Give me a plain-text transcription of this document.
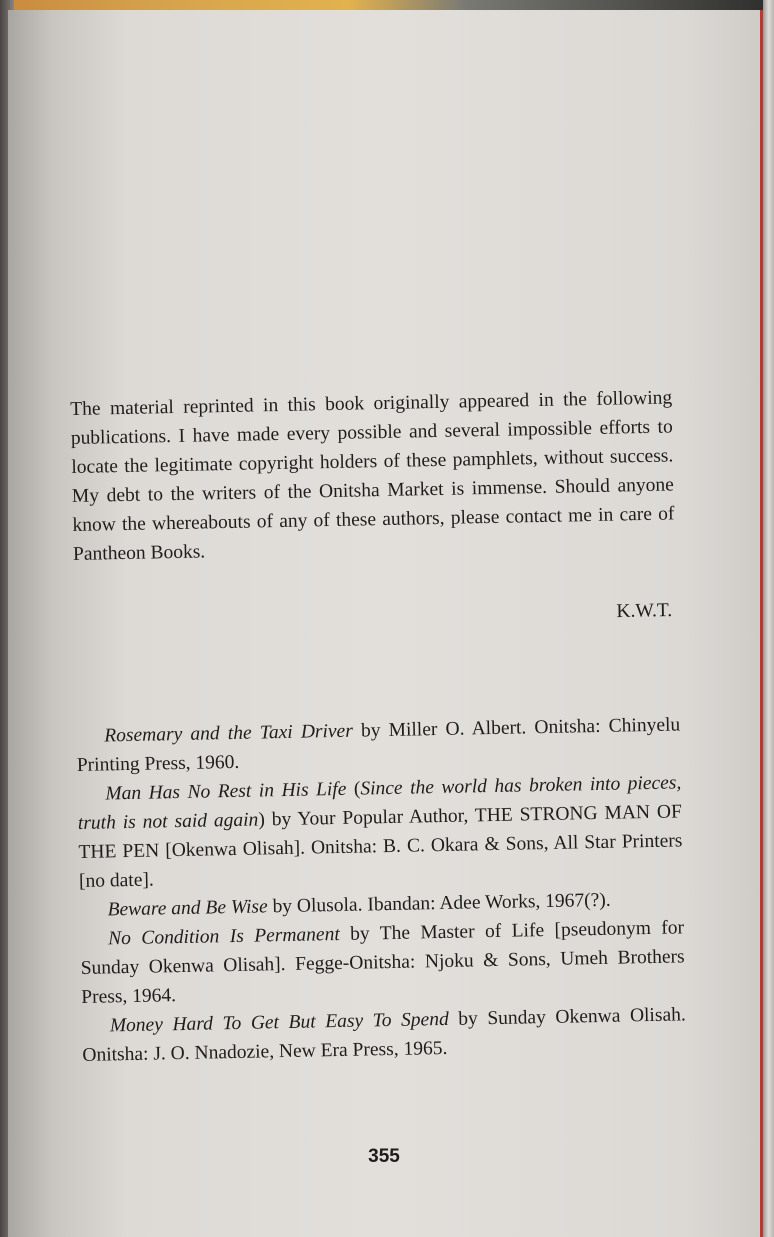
The material reprinted in this book originally appeared in the following publications. I have made every possible and several impossible efforts to locate the legitimate copyright holders of these pamphlets, without success. My debt to the writers of the Onitsha Market is immense. Should anyone know the whereabouts of any of these authors, please contact me in care of Pantheon Books.

K.W.T.

Rosemary and the Taxi Driver by Miller O. Albert. Onitsha: Chinyelu Printing Press, 1960.

Man Has No Rest in His Life (Since the world has broken into pieces, truth is not said again) by Your Popular Author, THE STRONG MAN OF THE PEN [Okenwa Olisah]. Onitsha: B. C. Okara & Sons, All Star Printers [no date].

Beware and Be Wise by Olusola. Ibandan: Adee Works, 1967(?).

No Condition Is Permanent by The Master of Life [pseudonym for Sunday Okenwa Olisah]. Fegge-Onitsha: Njoku & Sons, Umeh Brothers Press, 1964.

Money Hard To Get But Easy To Spend by Sunday Okenwa Olisah. Onitsha: J. O. Nnadozie, New Era Press, 1965.

355
